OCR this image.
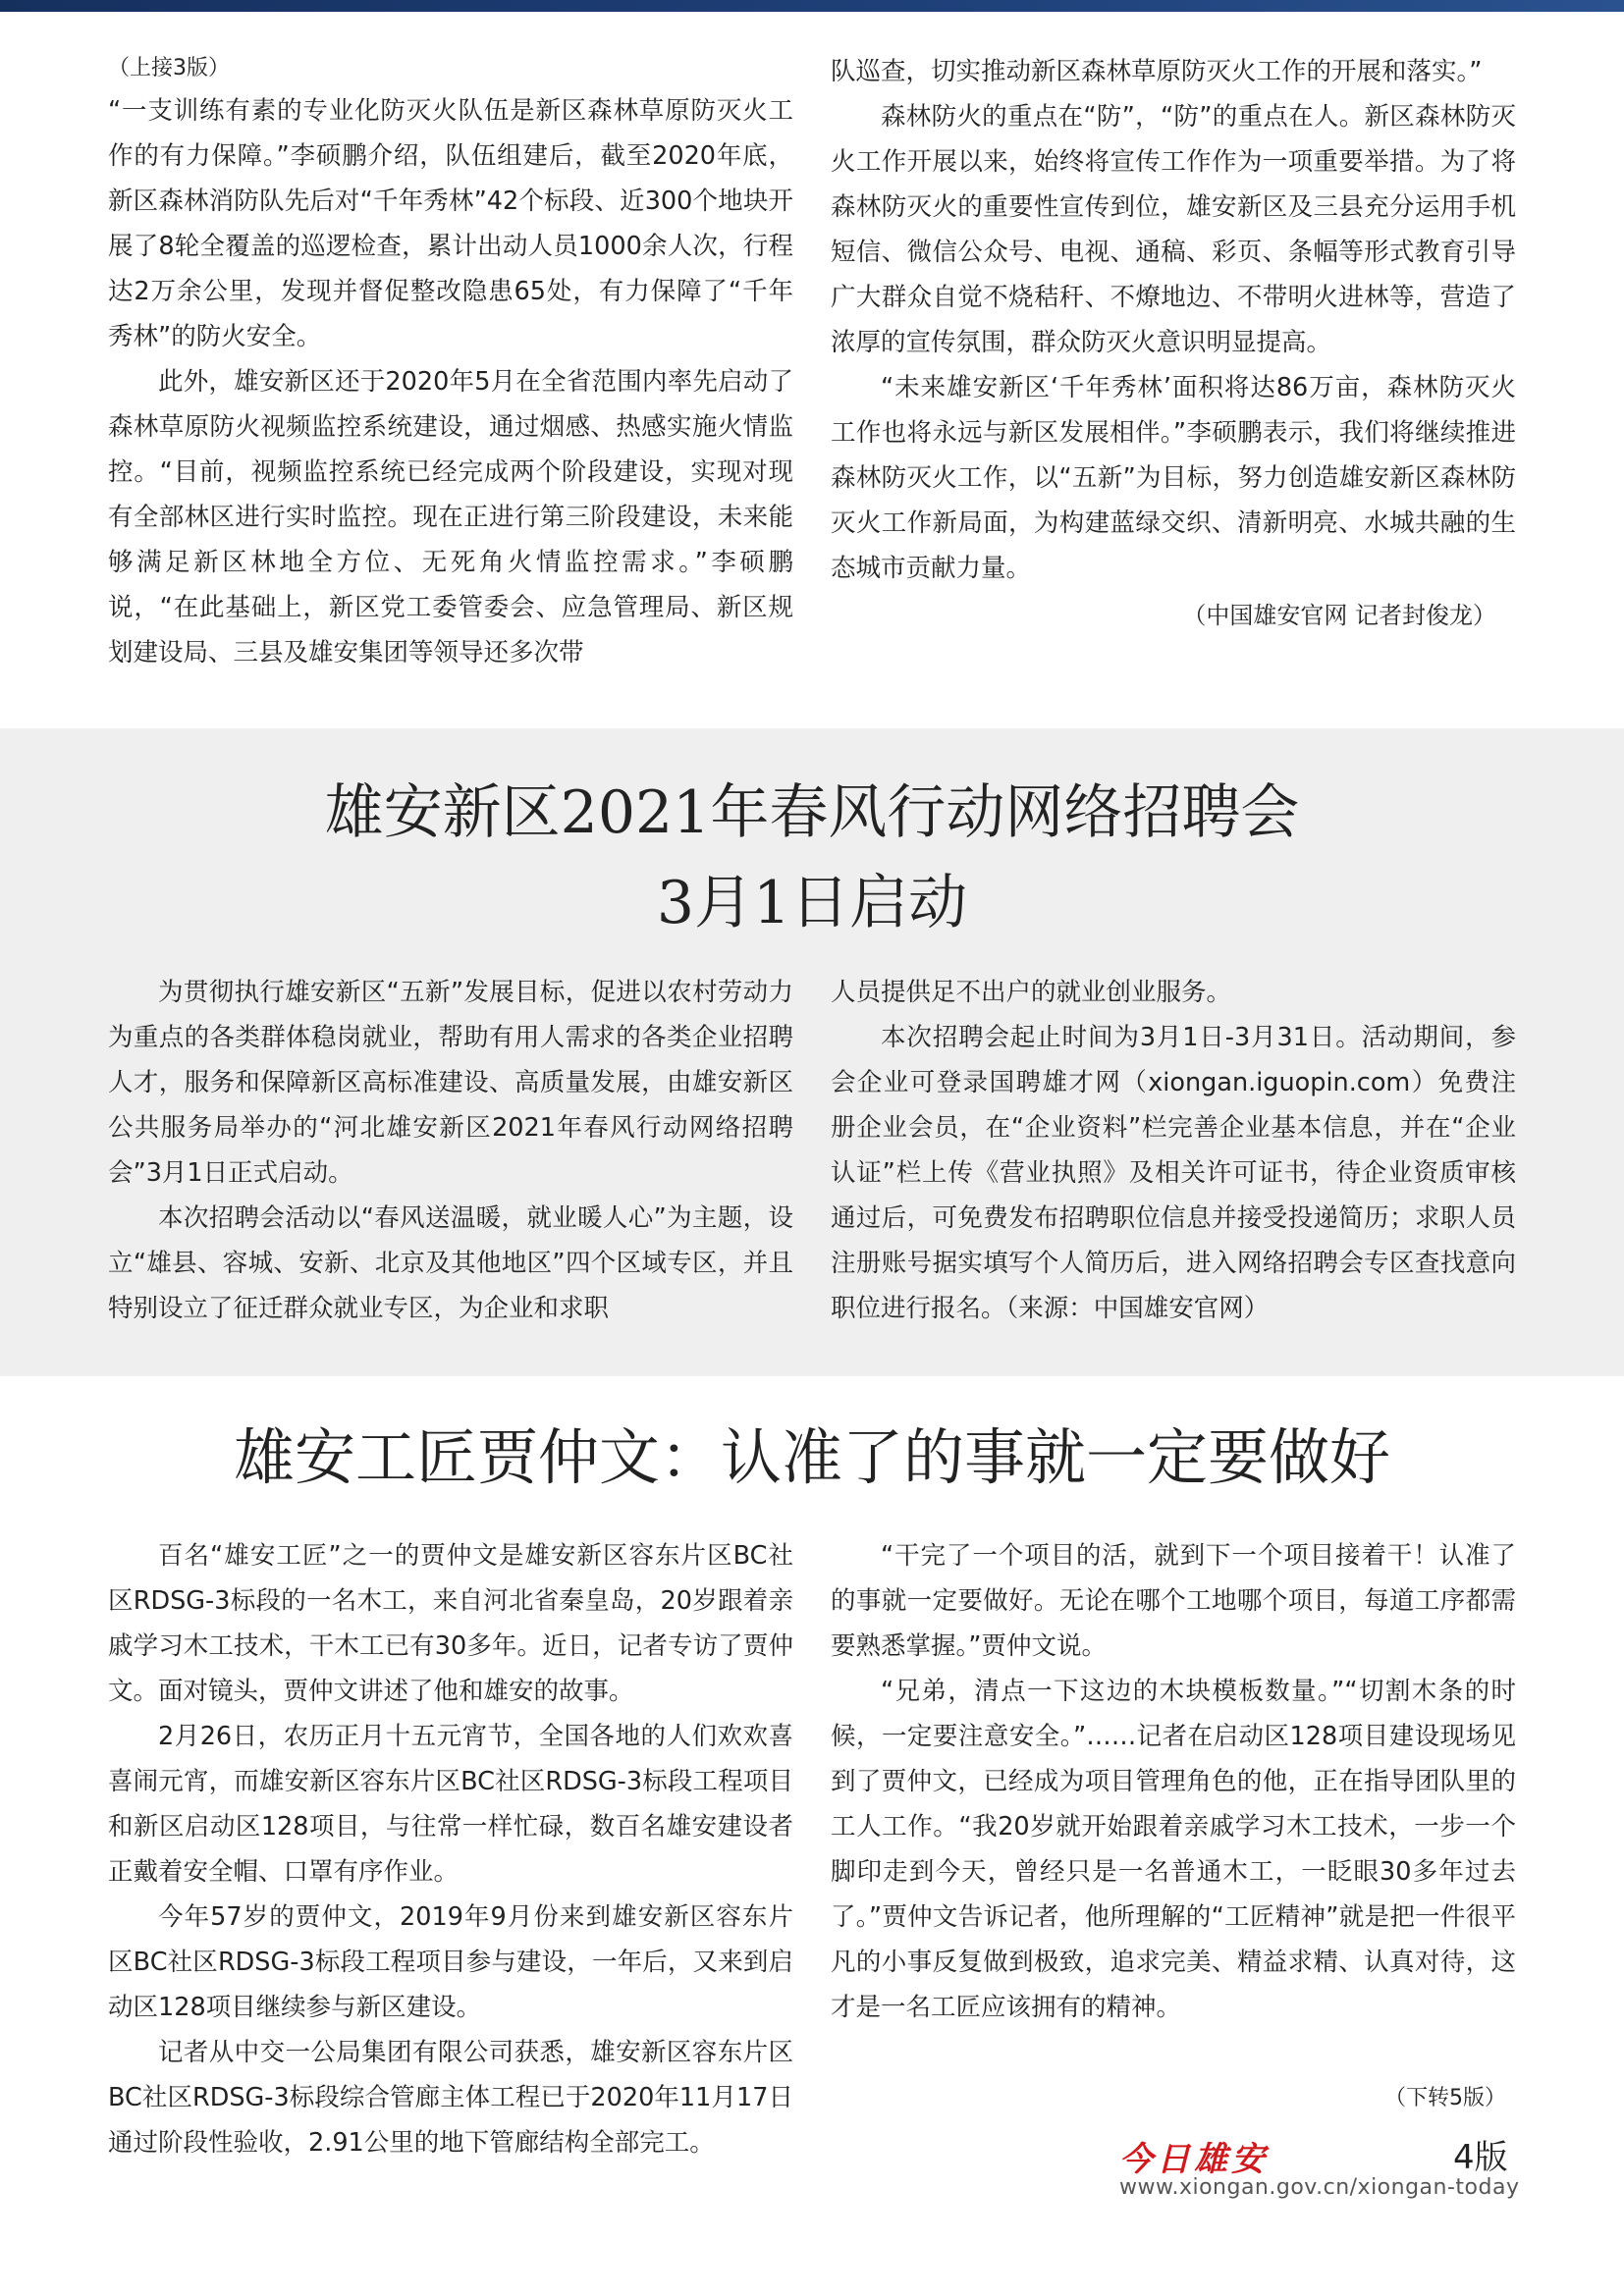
（上接3版）

“一支训练有素的专业化防灭火队伍是新区森林草原防灭火工作的有力保障。”李硕鹏介绍，队伍组建后，截至2020年底，新区森林消防队先后对“千年秀林”42个标段、近300个地块开展了8轮全覆盖的巡逻检查，累计出动人员1000余人次，行程达2万余公里，发现并督促整改隐患65处，有力保障了“千年秀林”的防火安全。

此外，雄安新区还于2020年5月在全省范围内率先启动了森林草原防火视频监控系统建设，通过烟感、热感实施火情监控。“目前，视频监控系统已经完成两个阶段建设，实现对现有全部林区进行实时监控。现在正进行第三阶段建设，未来能够满足新区林地全方位、无死角火情监控需求。”李硕鹏说，“在此基础上，新区党工委管委会、应急管理局、新区规划建设局、三县及雄安集团等领导还多次带

队巡查，切实推动新区森林草原防灭火工作的开展和落实。”

森林防火的重点在“防”，“防”的重点在人。新区森林防灭火工作开展以来，始终将宣传工作作为一项重要举措。为了将森林防灭火的重要性宣传到位，雄安新区及三县充分运用手机短信、微信公众号、电视、通稿、彩页、条幅等形式教育引导广大群众自觉不烧秸秆、不燎地边、不带明火进林等，营造了浓厚的宣传氛围，群众防灭火意识明显提高。

“未来雄安新区‘千年秀林’面积将达86万亩，森林防灭火工作也将永远与新区发展相伴。”李硕鹏表示，我们将继续推进森林防灭火工作，以“五新”为目标，努力创造雄安新区森林防灭火工作新局面，为构建蓝绿交织、清新明亮、水城共融的生态城市贡献力量。

（中国雄安官网 记者封俊龙）
雄安新区2021年春风行动网络招聘会
3月1日启动

为贯彻执行雄安新区“五新”发展目标，促进以农村劳动力为重点的各类群体稳岗就业，帮助有用人需求的各类企业招聘人才，服务和保障新区高标准建设、高质量发展，由雄安新区公共服务局举办的“河北雄安新区2021年春风行动网络招聘会”3月1日正式启动。

本次招聘会活动以“春风送温暖，就业暖人心”为主题，设立“雄县、容城、安新、北京及其他地区”四个区域专区，并且特别设立了征迁群众就业专区，为企业和求职

人员提供足不出户的就业创业服务。

本次招聘会起止时间为3月1日-3月31日。活动期间，参会企业可登录国聘雄才网（xiongan.iguopin.com）免费注册企业会员，在“企业资料”栏完善企业基本信息，并在“企业认证”栏上传《营业执照》及相关许可证书，待企业资质审核通过后，可免费发布招聘职位信息并接受投递简历；求职人员注册账号据实填写个人简历后，进入网络招聘会专区查找意向职位进行报名。（来源：中国雄安官网）

雄安工匠贾仲文：认准了的事就一定要做好

百名“雄安工匠”之一的贾仲文是雄安新区容东片区BC社区RDSG-3标段的一名木工，来自河北省秦皇岛，20岁跟着亲戚学习木工技术，干木工已有30多年。近日，记者专访了贾仲文。面对镜头，贾仲文讲述了他和雄安的故事。

2月26日，农历正月十五元宵节，全国各地的人们欢欢喜喜闹元宵，而雄安新区容东片区BC社区RDSG-3标段工程项目和新区启动区128项目，与往常一样忙碌，数百名雄安建设者正戴着安全帽、口罩有序作业。

今年57岁的贾仲文，2019年9月份来到雄安新区容东片区BC社区RDSG-3标段工程项目参与建设，一年后，又来到启动区128项目继续参与新区建设。

记者从中交一公局集团有限公司获悉，雄安新区容东片区BC社区RDSG-3标段综合管廊主体工程已于2020年11月17日通过阶段性验收，2.91公里的地下管廊结构全部完工。

“干完了一个项目的活，就到下一个项目接着干！认准了的事就一定要做好。无论在哪个工地哪个项目，每道工序都需要熟悉掌握。”贾仲文说。

“兄弟，清点一下这边的木块模板数量。”“切割木条的时候，一定要注意安全。”……记者在启动区128项目建设现场见到了贾仲文，已经成为项目管理角色的他，正在指导团队里的工人工作。“我20岁就开始跟着亲戚学习木工技术，一步一个脚印走到今天，曾经只是一名普通木工，一眨眼30多年过去了。”贾仲文告诉记者，他所理解的“工匠精神”就是把一件很平凡的小事反复做到极致，追求完美、精益求精、认真对待，这才是一名工匠应该拥有的精神。

（下转5版）
今日雄安	4版
www.xiongan.gov.cn/xiongan-today
